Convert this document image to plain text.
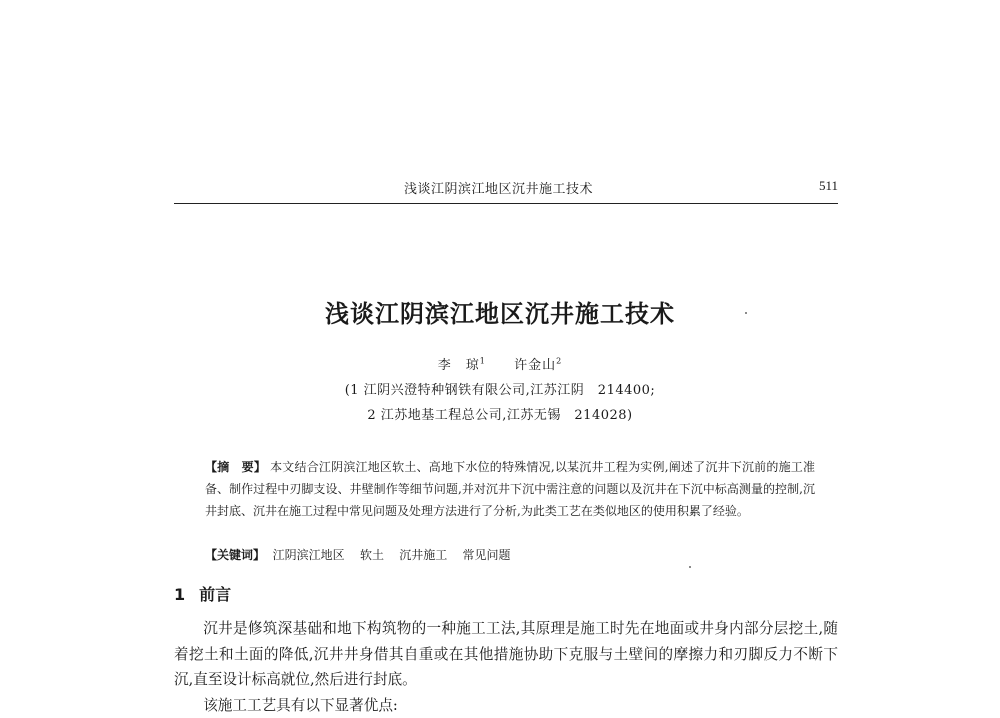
浅谈江阴滨江地区沉井施工技术	511
浅谈江阴滨江地区沉井施工技术
李　琼$^1$ 许金山$^2$
(1 江阴兴澄特种钢铁有限公司,江苏江阴　214400;
2 江苏地基工程总公司,江苏无锡　214028)
【摘　要】 本文结合江阴滨江地区软土、高地下水位的特殊情况,以某沉井工程为实例,阐述了沉井下沉前的施工准备、制作过程中刃脚支设、井壁制作等细节问题,并对沉井下沉中需注意的问题以及沉井在下沉中标高测量的控制,沉井封底、沉井在施工过程中常见问题及处理方法进行了分析,为此类工艺在类似地区的使用积累了经验。
【关键词】 江阴滨江地区 软土 沉井施工 常见问题
1 前言

沉井是修筑深基础和地下构筑物的一种施工工法,其原理是施工时先在地面或井身内部分层挖土,随着挖土和土面的降低,沉井井身借其自重或在其他措施协助下克服与土壁间的摩擦力和刃脚反力不断下沉,直至设计标高就位,然后进行封底。

该施工工艺具有以下显著优点:
